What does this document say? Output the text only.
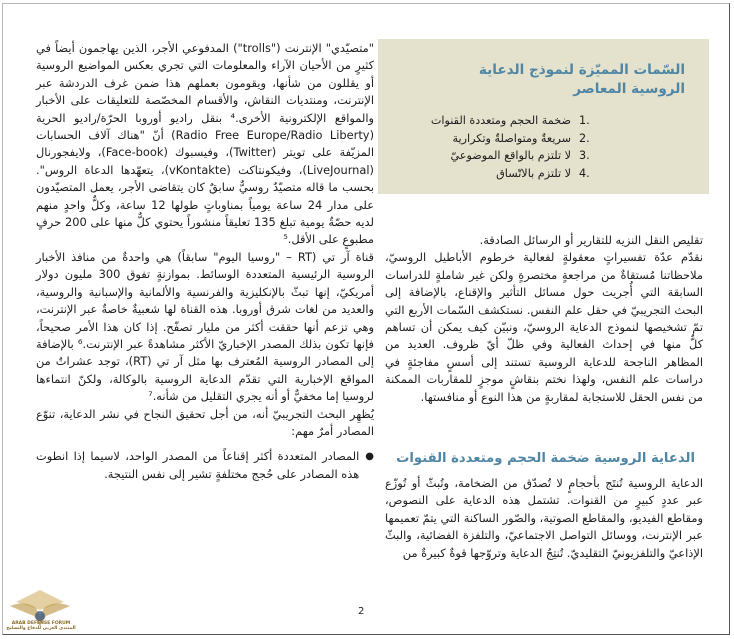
"متصيّدي" الإنترنت ("trolls") المدفوعي الأجر، الذين يهاجمون أيضاً في كثيرٍ من الأحيان الآراء والمعلومات التي تجري بعكس المواضيع الروسية أو يقللون من شأنها، ويقومون بعملهم هذا ضمن غرف الدردشة عبر الإنترنت، ومنتديات النقاش، والأقسام المخصّصة للتعليقات على الأخبار والمواقع الإلكترونية الأخرى.⁴ بنقل راديو أوروبا الحرّة/راديو الحرية (Radio Free Europe/Radio Liberty) أنّ "هناك آلاف الحسابات المزيّفة على تويتر (Twitter)، وفيسبوك (Face-book)، ولايفجورنال (LiveJournal)، وفيكونتاكت (vKontakte)، يتعهّدها الدعاة الروس". بحسب ما قاله متصيّدٌ روسيٌّ سابقٌ كان يتقاضى الأجر، يعمل المتصيّدون على مدار 24 ساعة يومياً بمناوباتٍ طولها 12 ساعة، وكلٌّ واحدٍ منهم لديه حصّةٌ يومية تبلغ 135 تعليقاً منشوراً يحتوي كلٌّ منها على 200 حرفٍ مطبوعٍ على الأقل.⁵

قناة آر تي (RT – "روسيا اليوم" سابقاً) هي واحدةٌ من منافذ الأخبار الروسية الرئيسية المتعددة الوسائط. بموازنةٍ تفوق 300 مليون دولار أمريكيّ، إنها تبثّ بالإنكليزية والفرنسية والألمانية والإسبانية والروسية، والعديد من لغات شرق أوروبا. هذه القناة لها شعبيةٌ خاصةٌ عبر الإنترنت، وهي تزعم أنها حققت أكثر من مليار تصفّح. إذا كان هذا الأمر صحيحاً، فإنها تكون بذلك المصدر الإخباريّ الأكثر مشاهدةً عبر الإنترنت.⁶ بالإضافة إلى المصادر الروسية المُعترف بها مثل آر تي (RT)، توجد عشراتٌ من المواقع الإخبارية التي تقدّم الدعاية الروسية بالوكالة، ولكنّ انتماءها لروسيا إما مخفيٌّ أو أنه يجري التقليل من شأنه.⁷

يُظهِر البحث التجريبيّ أنه، من أجل تحقيق النجاح في نشر الدعاية، تنوّع المصادر أمرٌ مهم:

●
المصادر المتعددة أكثر إقناعاً من المصدر الواحد، لاسيما إذا انطوت هذه المصادر على حُجج مختلفةٍ تشير إلى نفس النتيجة.
السّمات المميّزة لنموذج الدعاية الروسية المعاصر
1.
ضخمة الحجم ومتعددة القنوات
2.
سريعةٌ ومتواصلةٌ وتكرارية
3.
لا تلتزم بالواقع الموضوعيّ
4.
لا تلتزم بالاتّساق

تقليص النقل النزيه للتقارير أو الرسائل الصادقة.

نقدّم عدّة تفسيراتٍ معقولةٍ لفعالية خرطوم الأباطيل الروسيّ، ملاحظاتنا مُستقاةٌ من مراجعةٍ مختصرةٍ ولكن غير شاملةٍ للدراسات السابقة التي أُجريت حول مسائل التأثير والإقناع، بالإضافة إلى البحث التجريبيّ في حقل علم النفس. نستكشف السّمات الأربع التي تمّ تشخيصها لنموذج الدعاية الروسيّ، ونبيّن كيف يمكن أن تساهم كلٌّ منها في إحداث الفعالية وفي ظلّ أيّ ظروف. العديد من المظاهر الناجحة للدعاية الروسية تستند إلى أسسٍ مفاجئةٍ في دراسات علم النفس، ولهذا نختم بنقاشٍ موجزٍ للمقاربات الممكنة من نفس الحقل للاستجابة لمقاربةٍ من هذا النوع أو منافستها.

الدعاية الروسية ضخمة الحجم ومتعددة القنوات

الدعاية الروسية تُنتَج بأحجامٍ لا تُصدّق من الضخامة، وتُبثّ أو تُوزّع عبر عددٍ كبيرٍ من القنوات. تشتمل هذه الدعاية على النصوص، ومقاطع الفيديو، والمقاطع الصوتية، والصّور الساكنة التي يتمّ تعميمها عبر الإنترنت، ووسائل التواصل الاجتماعيّ، والتلفزة الفضائية، والبثّ الإذاعيّ والتلفزيونيّ التقليديّ. تُنتِجُ الدعاية وتروّجها قوةٌ كبيرةٌ من

2
ARAB DEFENSE FORUM
المنتدى العربي للدفاع والتسليح
